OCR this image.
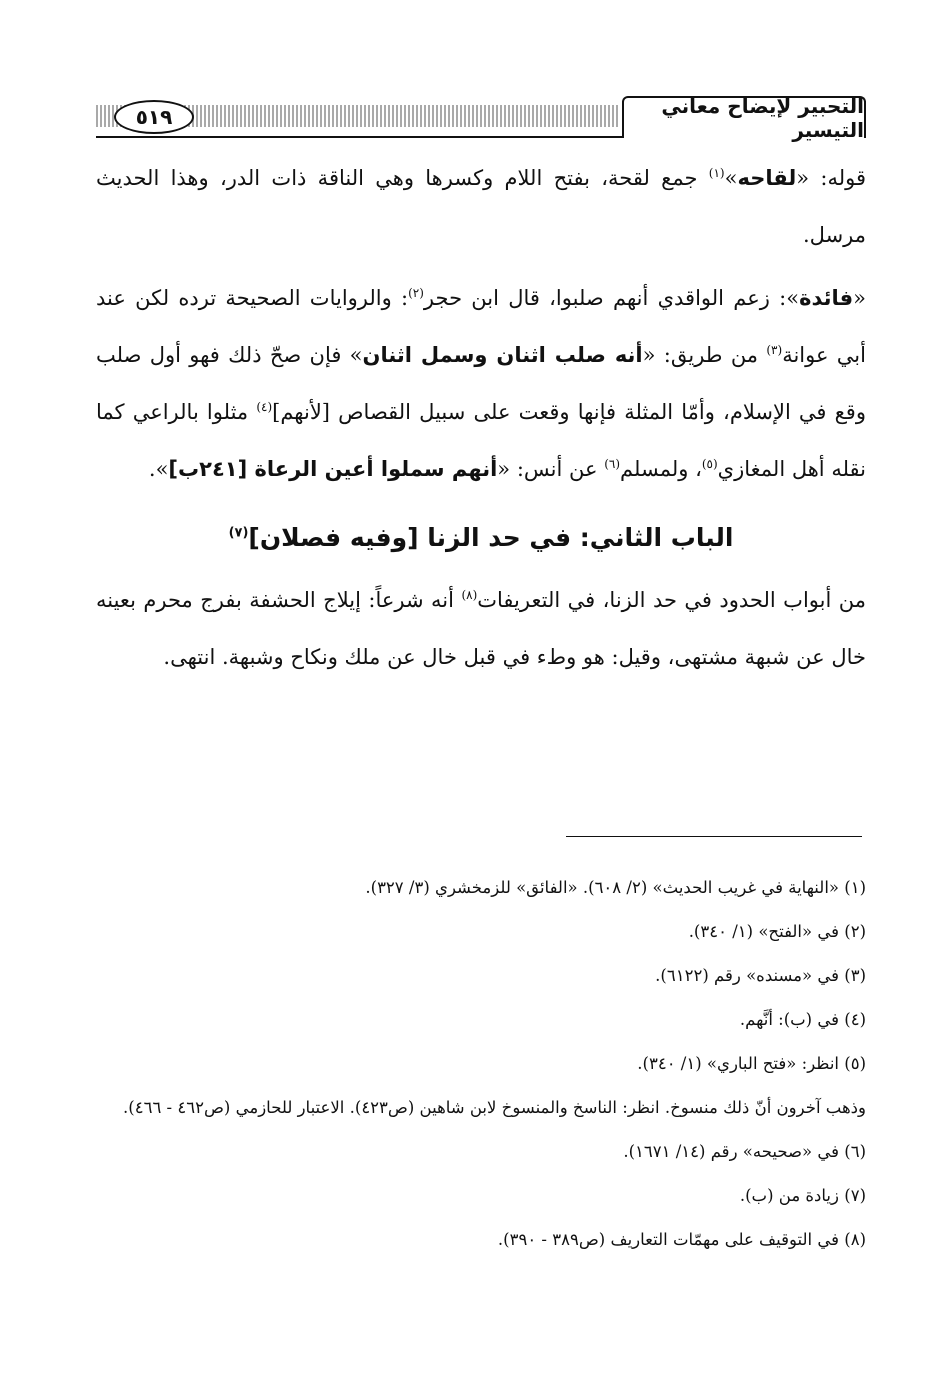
التحبير لإيضاح معاني التيسير
٥١٩

قوله: «لقاحه»$^{(١)}$ جمع لقحة، بفتح اللام وكسرها وهي الناقة ذات الدر، وهذا الحديث مرسل.

«فائدة»: زعم الواقدي أنهم صلبوا، قال ابن حجر$^{(٢)}$: والروايات الصحيحة ترده لكن عند أبي عوانة$^{(٣)}$ من طريق: «أنه صلب اثنان وسمل اثنان» فإن صحّ ذلك فهو أول صلب وقع في الإسلام، وأمّا المثلة فإنها وقعت على سبيل القصاص [لأنهم]$^{(٤)}$ مثلوا بالراعي كما نقله أهل المغازي$^{(٥)}$، ولمسلم$^{(٦)}$ عن أنس: «أنهم سملوا أعين الرعاة [٢٤١ب]».

الباب الثاني: في حد الزنا [وفيه فصلان]$^{(٧)}$

من أبواب الحدود في حد الزنا، في التعريفات$^{(٨)}$ أنه شرعاً: إيلاج الحشفة بفرج محرم بعينه خال عن شبهة مشتهى، وقيل: هو وطء في قبل خال عن ملك ونكاح وشبهة. انتهى.

(١) «النهاية في غريب الحديث» (٢/ ٦٠٨). «الفائق» للزمخشري (٣/ ٣٢٧).

(٢) في «الفتح» (١/ ٣٤٠).

(٣) في «مسنده» رقم (٦١٢٢).

(٤) في (ب): أنَّهم.

(٥) انظر: «فتح الباري» (١/ ٣٤٠).

وذهب آخرون أنّ ذلك منسوخ. انظر: الناسخ والمنسوخ لابن شاهين (ص٤٢٣). الاعتبار للحازمي (ص٤٦٢ - ٤٦٦).

(٦) في «صحيحه» رقم (١٤/ ١٦٧١).

(٧) زيادة من (ب).

(٨) في التوقيف على مهمّات التعاريف (ص٣٨٩ - ٣٩٠).
